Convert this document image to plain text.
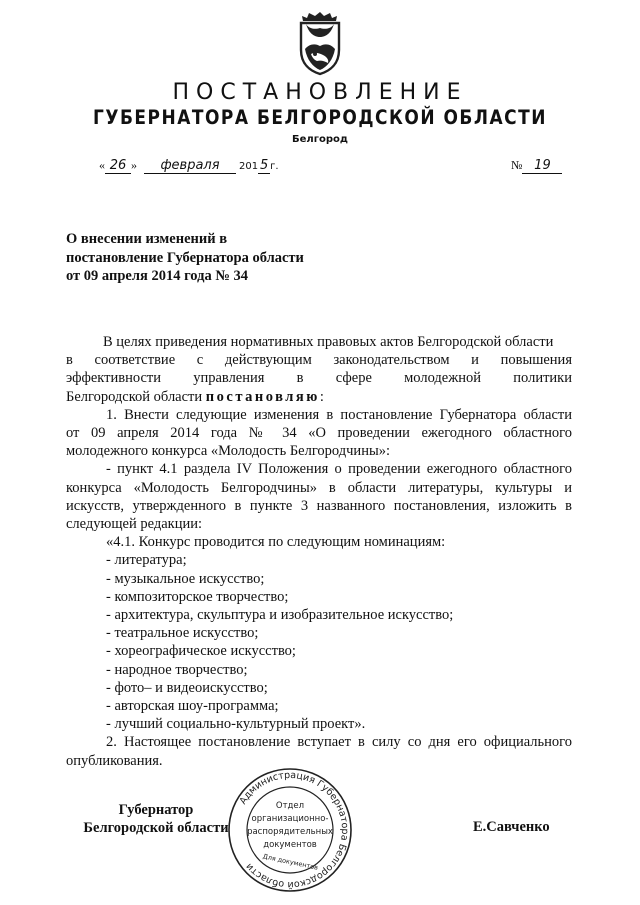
ПОСТАНОВЛЕНИЕ
ГУБЕРНАТОРА БЕЛГОРОДСКОЙ ОБЛАСТИ
Белгород
« 26 » февраля 201 5 г.	№ 19
О внесении изменений в
постановление Губернатора области
от 09 апреля 2014 года № 34

В целях приведения нормативных правовых актов Белгородской области

в соответствие с действующим законодательством и повышения

эффективности управления в сфере молодежной политики

Белгородской области постановляю:

1. Внести следующие изменения в постановление Губернатора области

от 09 апреля 2014 года № 34 «О проведении ежегодного областного

молодежного конкурса «Молодость Белгородчины»:

- пункт 4.1 раздела IV Положения о проведении ежегодного областного

конкурса «Молодость Белгородчины» в области литературы, культуры и

искусств, утвержденного в пункте 3 названного постановления, изложить в

следующей редакции:

«4.1. Конкурс проводится по следующим номинациям:

- литература;

- музыкальное искусство;

- композиторское творчество;

- архитектура, скульптура и изобразительное искусство;

- театральное искусство;

- хореографическое искусство;

- народное творчество;

- фото– и видеоискусство;

- авторская шоу-программа;

- лучший социально-культурный проект».

2. Настоящее постановление вступает в силу со дня его официального

опубликования.

Губернатор
Белгородской области	Е.Савченко
Администрация Губернатора Белгородской области
Отдел
организационно-
распорядительных
документов
Для документов
